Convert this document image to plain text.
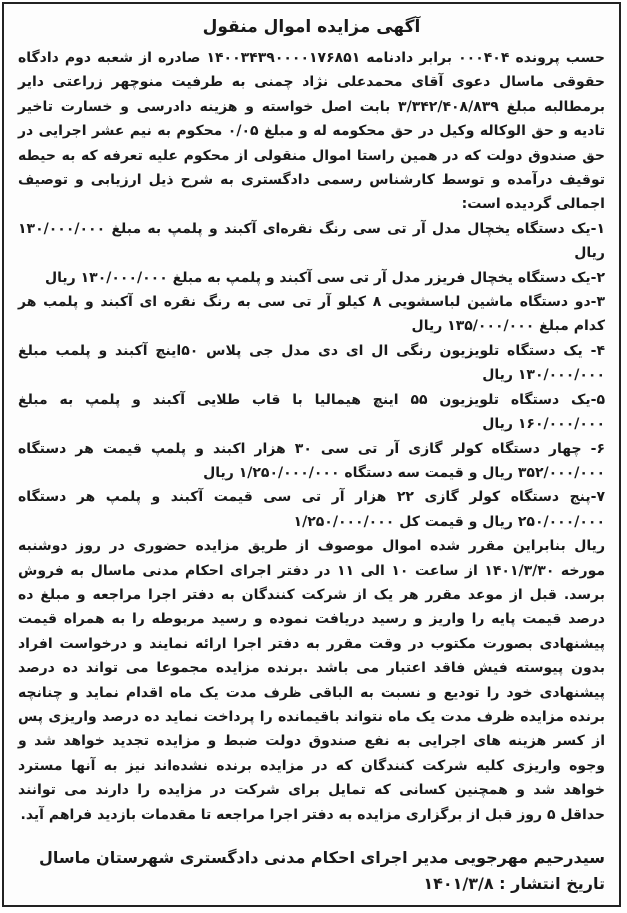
آگهی مزایده اموال منقول

حسب پرونده ۰۰۰۴۰۴ برابر دادنامه ۱۴۰۰۳۴۳۹۰۰۰۰۱۷۶۸۵۱ صادره از شعبه دوم دادگاه حقوقی ماسال دعوی آقای محمدعلی نژاد چمنی به طرفیت منوچهر زراعتی دایر برمطالبه مبلغ ۳/۳۴۲/۴۰۸/۸۳۹ بابت اصل خواسته و هزینه دادرسی و خسارت تاخیر تادیه و حق الوکاله وکیل در حق محکومه له و مبلغ ۰/۰۵ محکوم به نیم عشر اجرایی در حق صندوق دولت که در همین راستا اموال منقولی از محکوم علیه تعرفه که به حیطه توقیف درآمده و توسط کارشناس رسمی دادگستری به شرح ذیل ارزیابی و توصیف اجمالی گردیده است:

۱-یک دستگاه یخچال مدل آر تی سی رنگ نقره‌ای آکبند و پلمپ به مبلغ ۱۳۰/۰۰۰/۰۰۰ ریال

۲-یک دستگاه یخچال فریزر مدل آر تی سی آکبند و پلمپ به مبلغ ۱۳۰/۰۰۰/۰۰۰ ریال

۳-دو دستگاه ماشین لباسشویی ۸ کیلو آر تی سی به رنگ نقره ای آکبند و پلمب هر کدام مبلغ ۱۳۵/۰۰۰/۰۰۰ ریال

۴- یک دستگاه تلویزیون رنگی ال ای دی مدل جی پلاس ۵۰اینچ آکبند و پلمب مبلغ ۱۳۰/۰۰۰/۰۰۰ ریال

۵-یک دستگاه تلویزیون ۵۵ اینچ هیمالیا با قاب طلایی آکبند و پلمپ به مبلغ ۱۶۰/۰۰۰/۰۰۰ ریال

۶- چهار دستگاه کولر گازی آر تی سی ۳۰ هزار اکبند و پلمپ قیمت هر دستگاه ۳۵۲/۰۰۰/۰۰۰ ریال و قیمت سه دستگاه ۱/۲۵۰/۰۰۰/۰۰۰ ریال

۷-پنج دستگاه کولر گازی ۲۲ هزار آر تی سی قیمت آکبند و پلمپ هر دستگاه ۲۵۰/۰۰۰/۰۰۰ ریال و قیمت کل ۱/۲۵۰/۰۰۰/۰۰۰

ریال بنابراین مقرر شده اموال موصوف از طریق مزایده حضوری در روز دوشنبه مورخه ۱۴۰۱/۳/۳۰ از ساعت ۱۰ الی ۱۱ در دفتر اجرای احکام مدنی ماسال به فروش برسد. قبل از موعد مقرر هر یک از شرکت کنندگان به دفتر اجرا مراجعه و مبلغ ده درصد قیمت پایه را واریز و رسید دریافت نموده و رسید مربوطه را به همراه قیمت پیشنهادی بصورت مکتوب در وقت مقرر به دفتر اجرا ارائه نمایند و درخواست افراد بدون پیوسته فیش فاقد اعتبار می باشد .برنده مزایده مجموعا می تواند ده درصد پیشنهادی خود را تودیع و نسبت به الباقی ظرف مدت یک ماه اقدام نماید و چنانچه برنده مزایده ظرف مدت یک ماه نتواند باقیمانده را پرداخت نماید ده درصد واریزی پس از کسر هزینه های اجرایی به نفع صندوق دولت ضبط و مزایده تجدید خواهد شد و وجوه واریزی کلیه شرکت کنندگان که در مزایده برنده نشده‌اند نیز به آنها مسترد خواهد شد و همچنین کسانی که تمایل برای شرکت در مزایده را دارند می توانند حداقل ۵ روز قبل از برگزاری مزایده به دفتر اجرا مراجعه تا مقدمات بازدید فراهم آید.

سیدرحیم مهرجویی مدیر اجرای احکام مدنی دادگستری شهرستان ماسال

تاریخ انتشار : ۱۴۰۱/۳/۸
